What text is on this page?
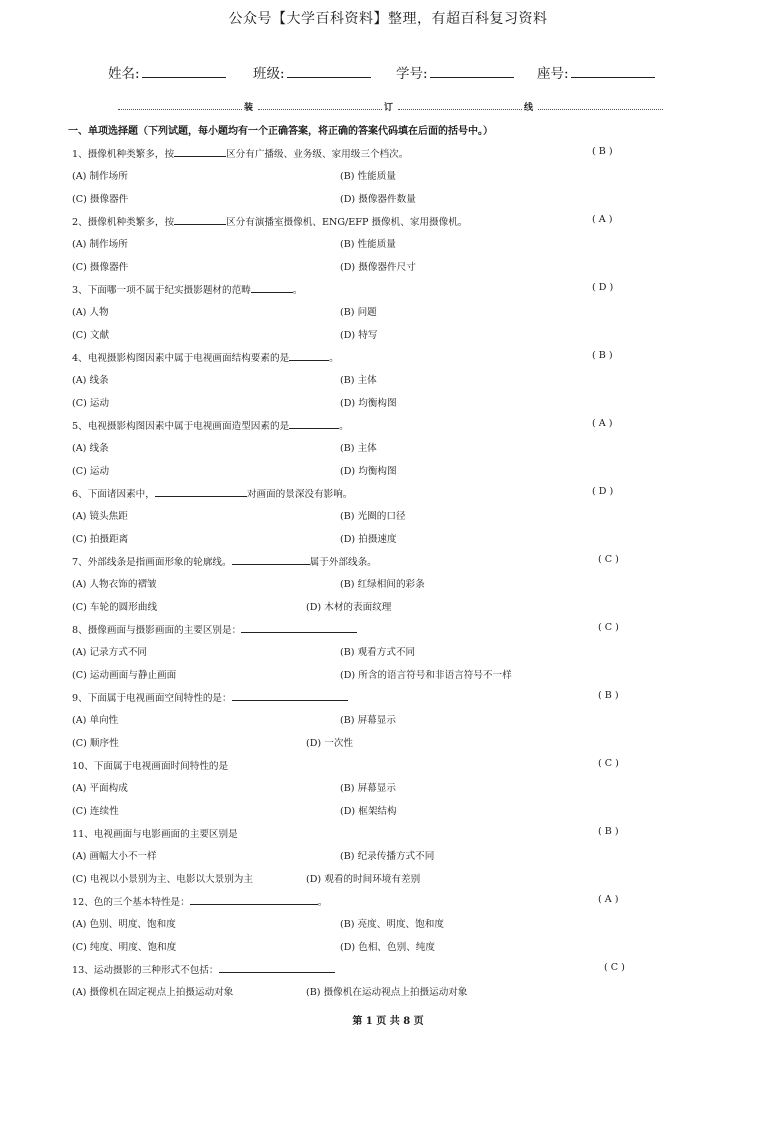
公众号【大学百科资料】整理，有超百科复习资料
姓名:	班级:	学号:	座号:
装	订	线
一、单项选择题（下列试题，每小题均有一个正确答案，将正确的答案代码填在后面的括号中。）
1、摄像机种类繁多，按	区分有广播级、业务级、家用级三个档次。	( B )
(A) 制作场所	(B) 性能质量
(C) 摄像器件	(D) 摄像器件数量
2、摄像机种类繁多，按	区分有演播室摄像机、ENG/EFP 摄像机、家用摄像机。	( A )
(A) 制作场所	(B) 性能质量
(C) 摄像器件	(D) 摄像器件尺寸
3、下面哪一项不属于纪实摄影题材的范畴	。	( D )
(A) 人物	(B) 问题
(C) 文献	(D) 特写
4、电视摄影构图因素中属于电视画面结构要素的是	。	( B )
(A) 线条	(B) 主体
(C) 运动	(D) 均衡构图
5、电视摄影构图因素中属于电视画面造型因素的是	。	( A )
(A) 线条	(B) 主体
(C) 运动	(D) 均衡构图
6、下面诸因素中，	对画面的景深没有影响。	( D )
(A) 镜头焦距	(B) 光圈的口径
(C) 拍摄距离	(D) 拍摄速度
7、外部线条是指画面形象的轮廓线。	属于外部线条。	( C )
(A) 人物衣饰的褶皱	(B) 红绿相间的彩条
(C) 车轮的圆形曲线	(D) 木材的表面纹理
8、摄像画面与摄影画面的主要区别是：	( C )
(A) 记录方式不同	(B) 观看方式不同
(C) 运动画面与静止画面	(D) 所含的语言符号和非语言符号不一样
9、下面属于电视画面空间特性的是：	( B )
(A) 单向性	(B) 屏幕显示
(C) 顺序性	(D) 一次性
10、下面属于电视画面时间特性的是	( C )
(A) 平面构成	(B) 屏幕显示
(C) 连续性	(D) 框架结构
11、电视画面与电影画面的主要区别是	( B )
(A) 画幅大小不一样	(B) 纪录传播方式不同
(C) 电视以小景别为主、电影以大景别为主	(D) 观看的时间环境有差别
12、色的三个基本特性是：	。	( A )
(A) 色别、明度、饱和度	(B) 亮度、明度、饱和度
(C) 纯度、明度、饱和度	(D) 色相、色别、纯度
13、运动摄影的三种形式不包括：	( C )
(A) 摄像机在固定视点上拍摄运动对象	(B) 摄像机在运动视点上拍摄运动对象
第 1 页 共 8 页
